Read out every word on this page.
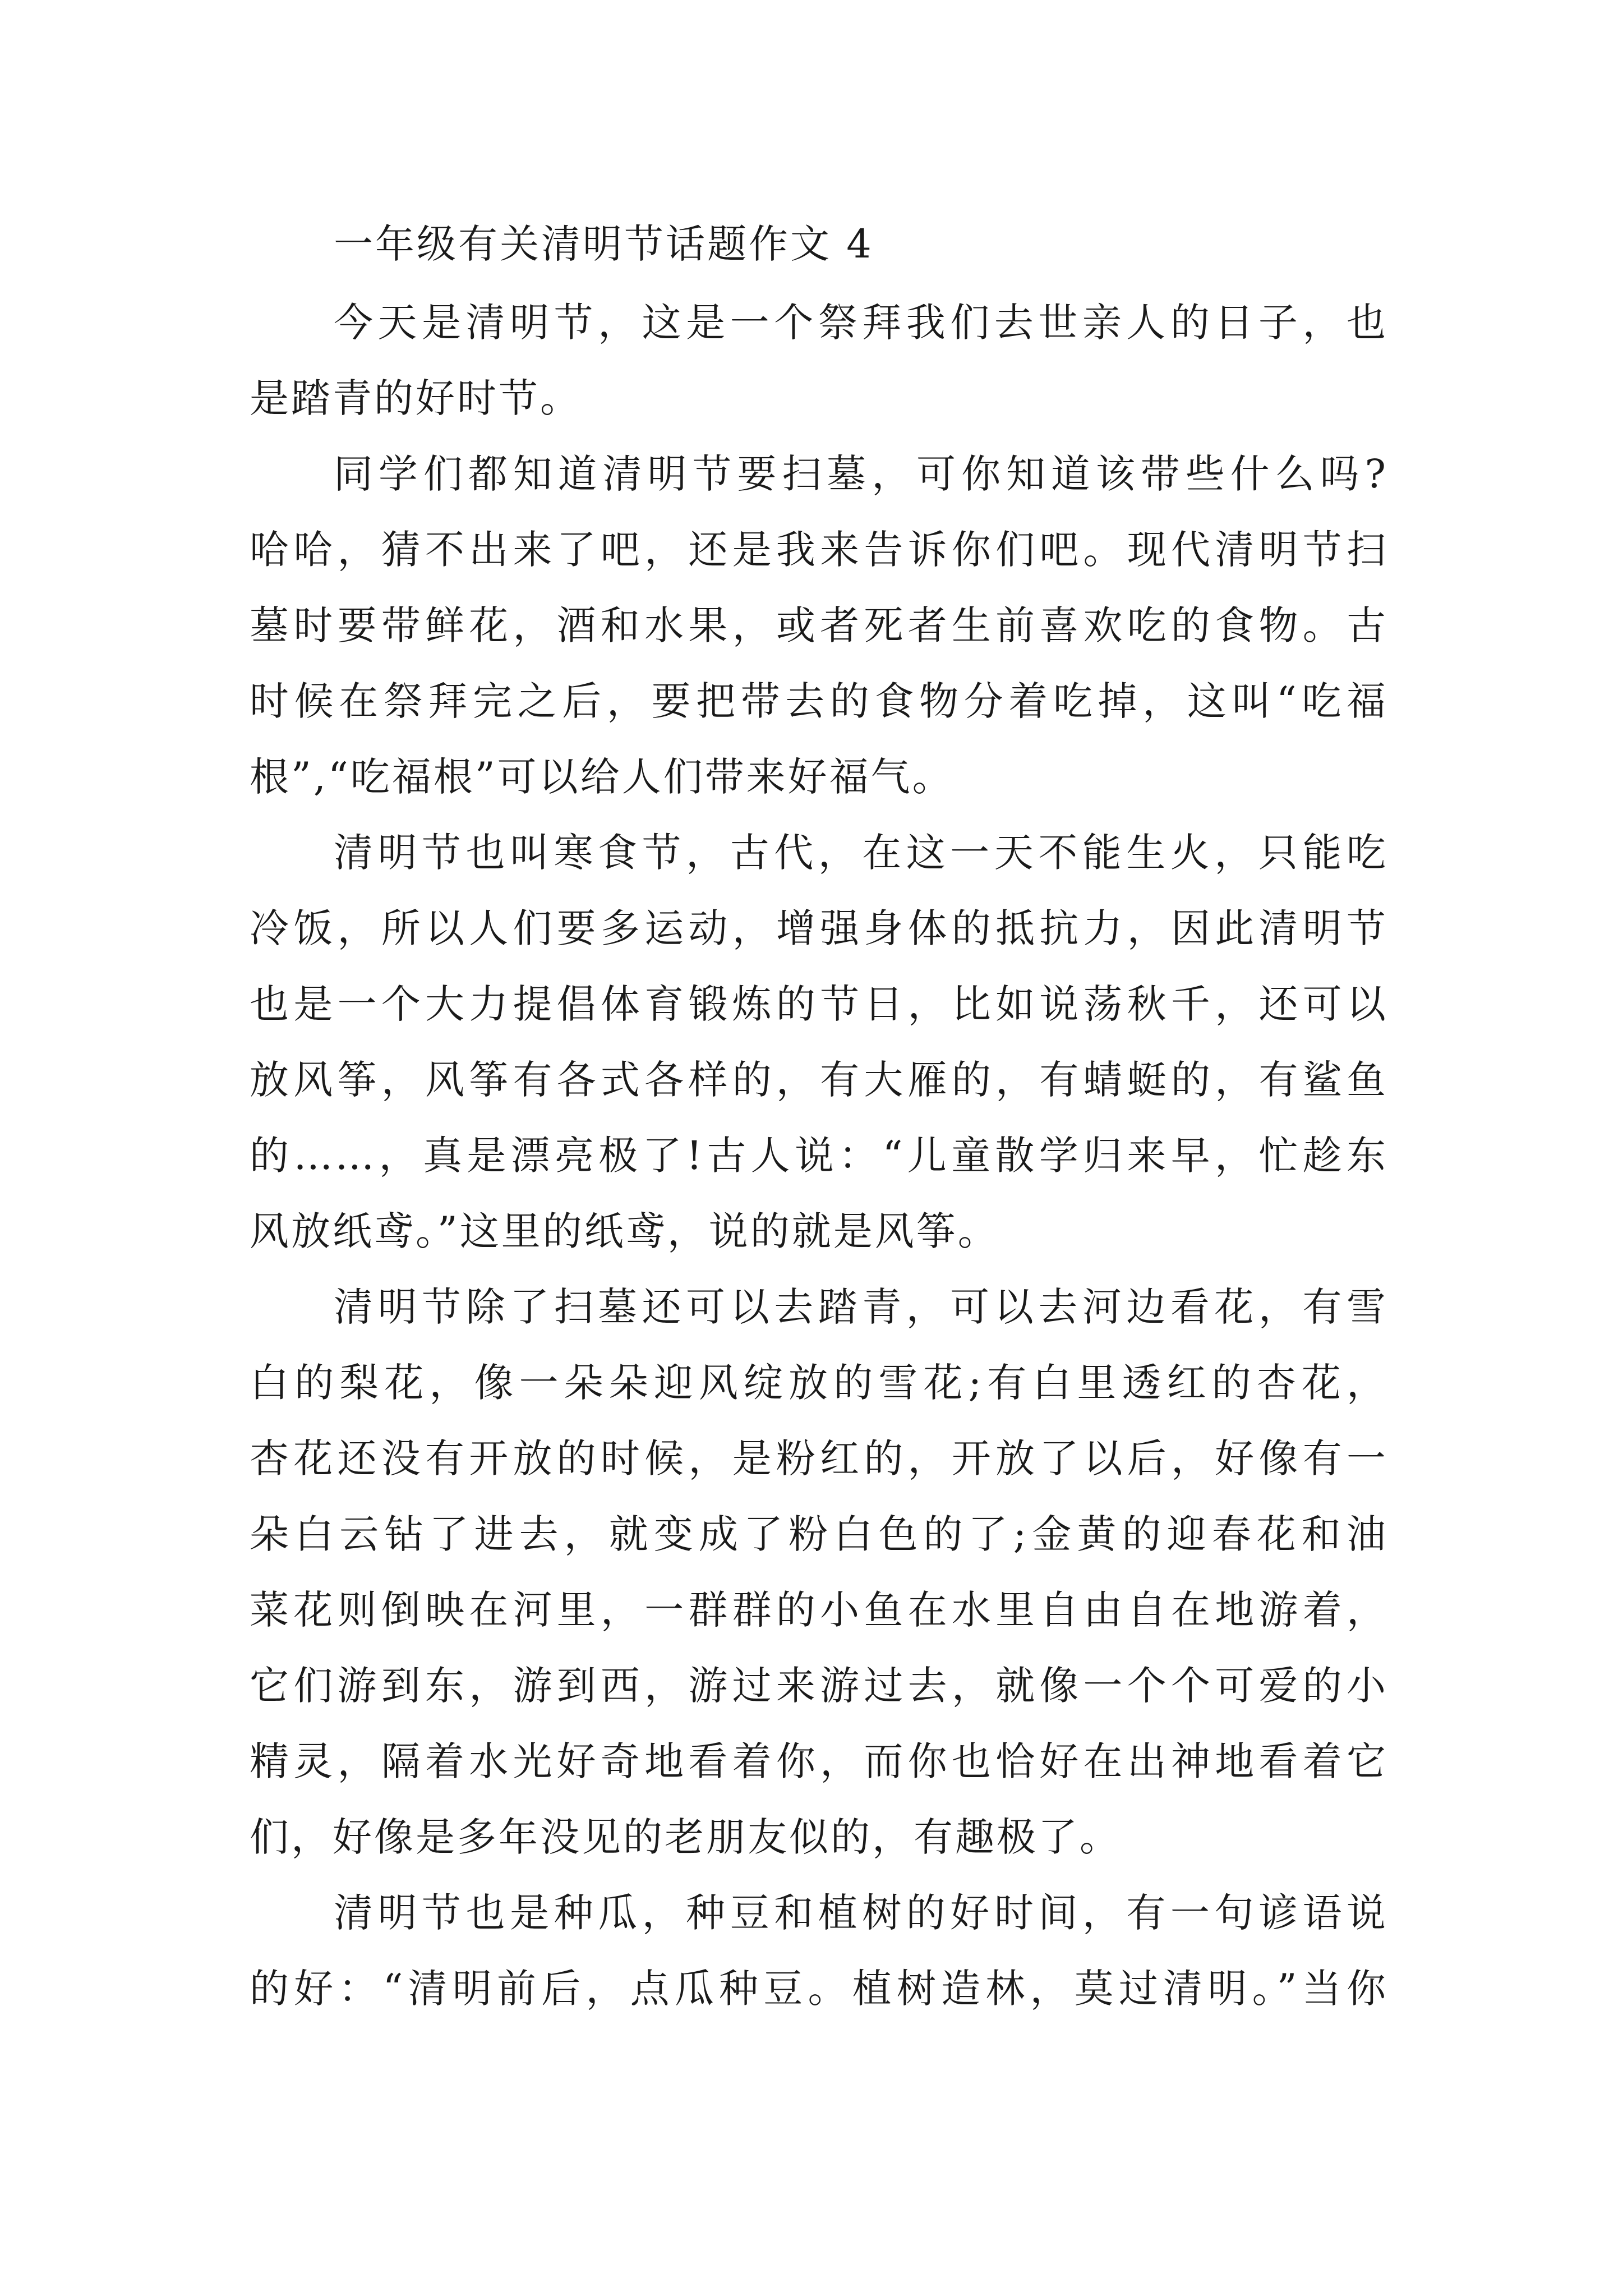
一年级有关清明节话题作文 4
今天是清明节，这是一个祭拜我们去世亲人的日子，也
是踏青的好时节。
同学们都知道清明节要扫墓，可你知道该带些什么吗?
哈哈，猜不出来了吧，还是我来告诉你们吧。现代清明节扫
墓时要带鲜花，酒和水果，或者死者生前喜欢吃的食物。古
时候在祭拜完之后，要把带去的食物分着吃掉，这叫“吃福
根”,“吃福根”可以给人们带来好福气。
清明节也叫寒食节，古代，在这一天不能生火，只能吃
冷饭，所以人们要多运动，增强身体的抵抗力，因此清明节
也是一个大力提倡体育锻炼的节日，比如说荡秋千，还可以
放风筝，风筝有各式各样的，有大雁的，有蜻蜓的，有鲨鱼
的……，真是漂亮极了!古人说：“儿童散学归来早，忙趁东
风放纸鸢。”这里的纸鸢，说的就是风筝。
清明节除了扫墓还可以去踏青，可以去河边看花，有雪
白的梨花，像一朵朵迎风绽放的雪花;有白里透红的杏花，
杏花还没有开放的时候，是粉红的，开放了以后，好像有一
朵白云钻了进去，就变成了粉白色的了;金黄的迎春花和油
菜花则倒映在河里，一群群的小鱼在水里自由自在地游着，
它们游到东，游到西，游过来游过去，就像一个个可爱的小
精灵，隔着水光好奇地看着你，而你也恰好在出神地看着它
们，好像是多年没见的老朋友似的，有趣极了。
清明节也是种瓜，种豆和植树的好时间，有一句谚语说
的好：“清明前后，点瓜种豆。植树造林，莫过清明。”当你
